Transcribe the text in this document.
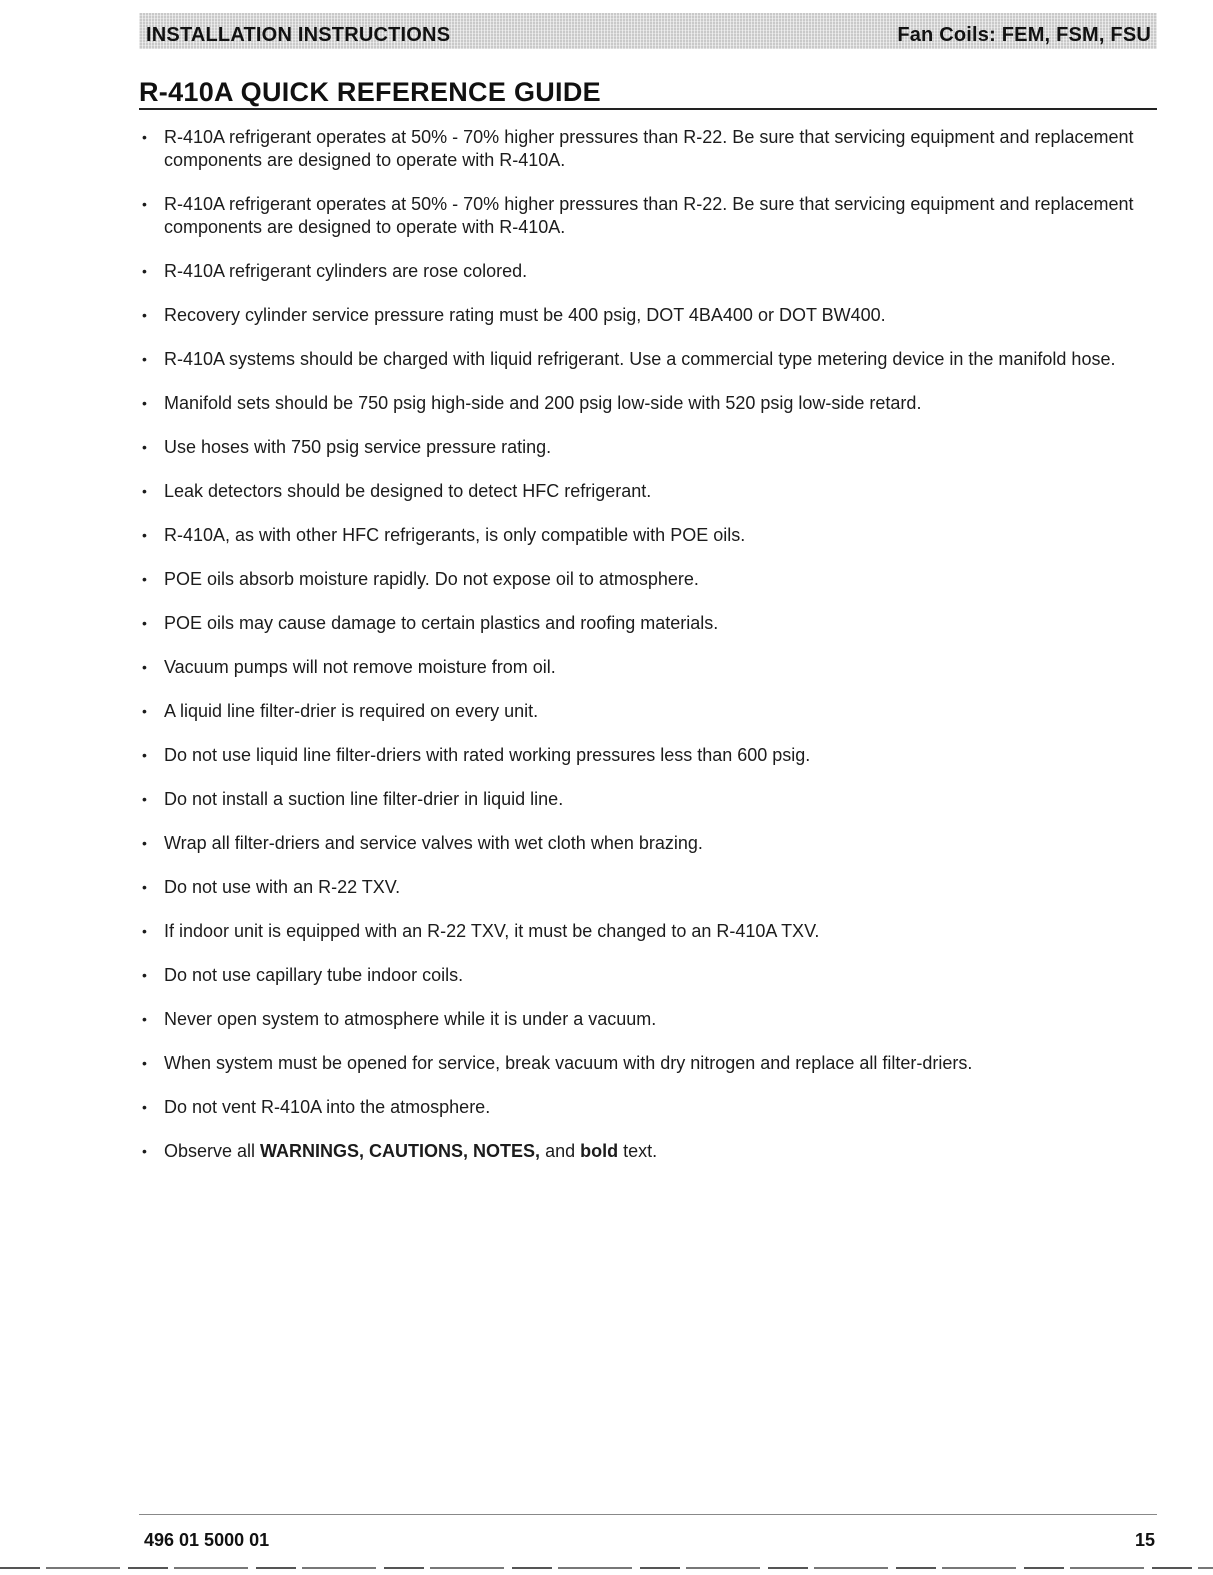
INSTALLATION INSTRUCTIONS	Fan Coils: FEM, FSM, FSU
R-410A QUICK REFERENCE GUIDE
• R-410A refrigerant operates at 50% - 70% higher pressures than R-22. Be sure that servicing equipment and replacement components are designed to operate with R-410A.
• R-410A refrigerant operates at 50% - 70% higher pressures than R-22. Be sure that servicing equipment and replacement components are designed to operate with R-410A.
• R-410A refrigerant cylinders are rose colored.
• Recovery cylinder service pressure rating must be 400 psig, DOT 4BA400 or DOT BW400.
• R-410A systems should be charged with liquid refrigerant. Use a commercial type metering device in the manifold hose.
• Manifold sets should be 750 psig high-side and 200 psig low-side with 520 psig low-side retard.
• Use hoses with 750 psig service pressure rating.
• Leak detectors should be designed to detect HFC refrigerant.
• R-410A, as with other HFC refrigerants, is only compatible with POE oils.
• POE oils absorb moisture rapidly. Do not expose oil to atmosphere.
• POE oils may cause damage to certain plastics and roofing materials.
• Vacuum pumps will not remove moisture from oil.
• A liquid line filter-drier is required on every unit.
• Do not use liquid line filter-driers with rated working pressures less than 600 psig.
• Do not install a suction line filter-drier in liquid line.
• Wrap all filter-driers and service valves with wet cloth when brazing.
• Do not use with an R-22 TXV.
• If indoor unit is equipped with an R-22 TXV, it must be changed to an R-410A TXV.
• Do not use capillary tube indoor coils.
• Never open system to atmosphere while it is under a vacuum.
• When system must be opened for service, break vacuum with dry nitrogen and replace all filter-driers.
• Do not vent R-410A into the atmosphere.
• Observe all WARNINGS, CAUTIONS, NOTES, and bold text.
496 01 5000 01	15
